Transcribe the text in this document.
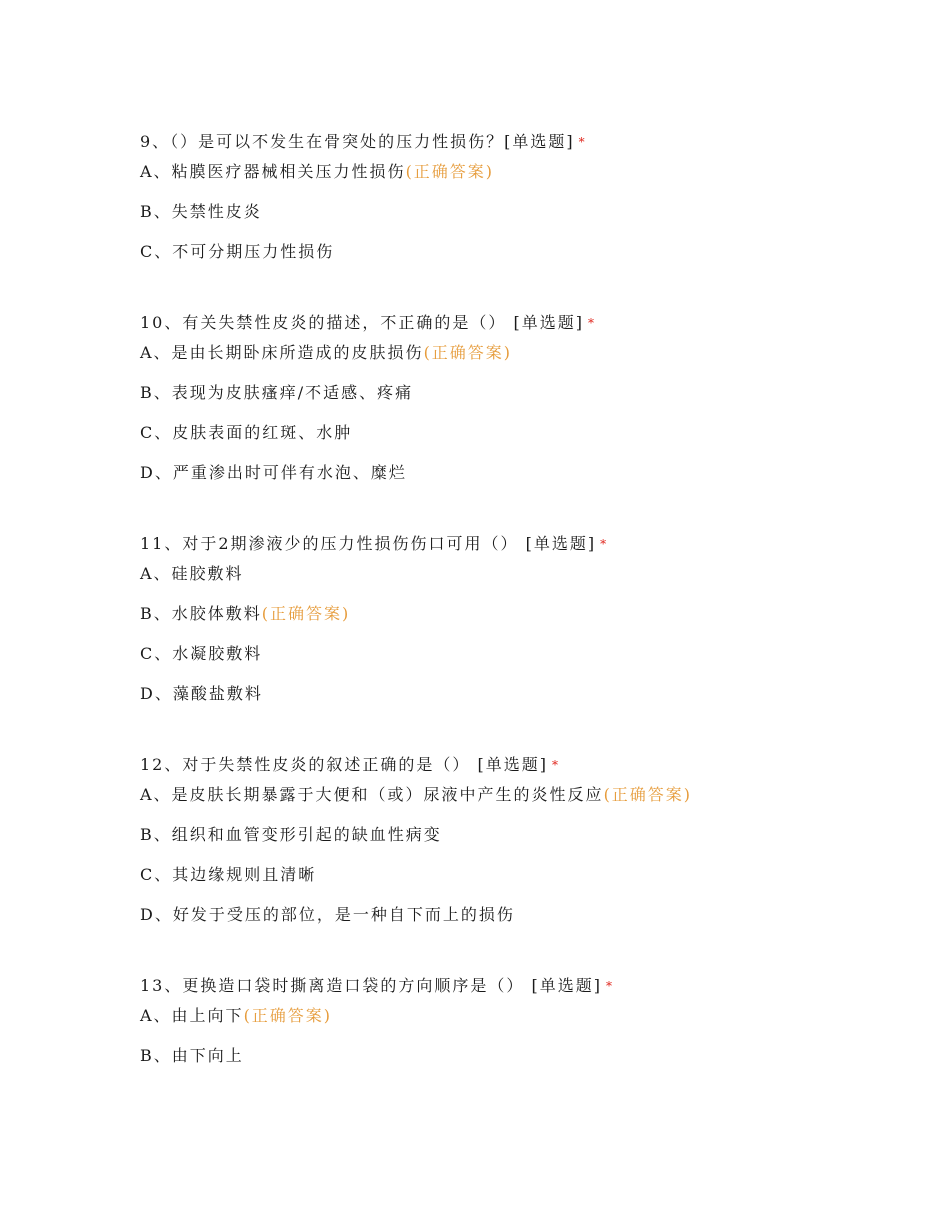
9、（）是可以不发生在骨突处的压力性损伤？[单选题] *
A、粘膜医疗器械相关压力性损伤(正确答案)
B、失禁性皮炎
C、不可分期压力性损伤
10、有关失禁性皮炎的描述，不正确的是（） [单选题] *
A、是由长期卧床所造成的皮肤损伤(正确答案)
B、表现为皮肤瘙痒/不适感、疼痛
C、皮肤表面的红斑、水肿
D、严重渗出时可伴有水泡、糜烂
11、对于2期渗液少的压力性损伤伤口可用（） [单选题] *
A、硅胶敷料
B、水胶体敷料(正确答案)
C、水凝胶敷料
D、藻酸盐敷料
12、对于失禁性皮炎的叙述正确的是（） [单选题] *
A、是皮肤长期暴露于大便和（或）尿液中产生的炎性反应(正确答案)
B、组织和血管变形引起的缺血性病变
C、其边缘规则且清晰
D、好发于受压的部位，是一种自下而上的损伤
13、更换造口袋时撕离造口袋的方向顺序是（） [单选题] *
A、由上向下(正确答案)
B、由下向上
